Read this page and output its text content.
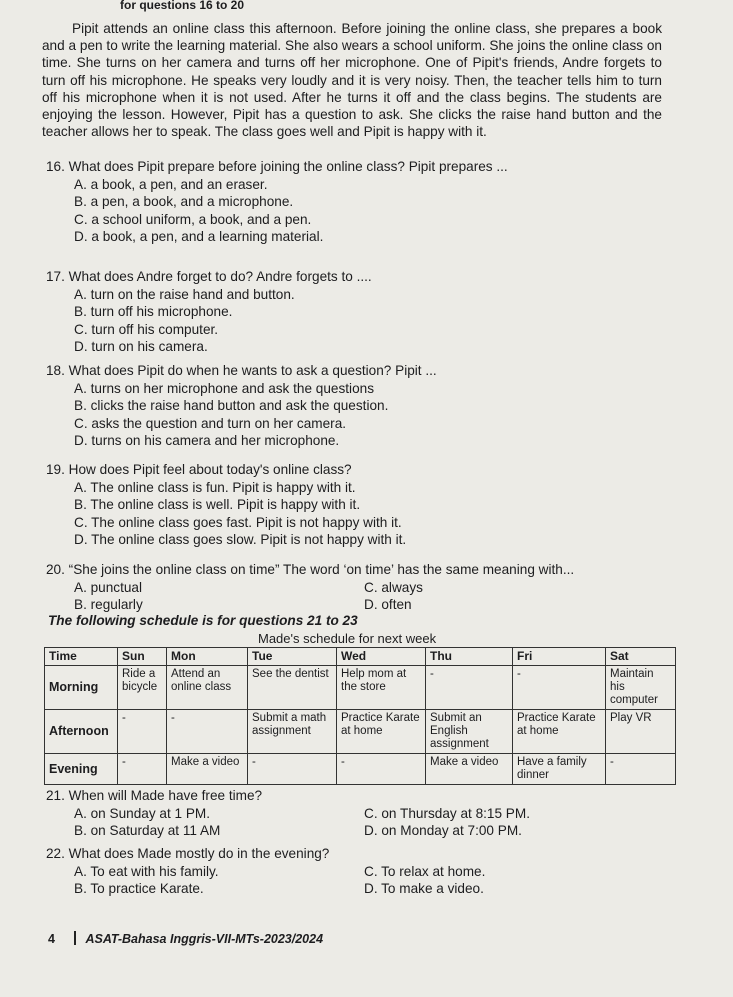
for questions 16 to 20

Pipit attends an online class this afternoon. Before joining the online class, she prepares a book and a pen to write the learning material. She also wears a school uniform. She joins the online class on time. She turns on her camera and turns off her microphone. One of Pipit's friends, Andre forgets to turn off his microphone. He speaks very loudly and it is very noisy. Then, the teacher tells him to turn off his microphone when it is not used. After he turns it off and the class begins. The students are enjoying the lesson. However, Pipit has a question to ask. She clicks the raise hand button and the teacher allows her to speak. The class goes well and Pipit is happy with it.

16. What does Pipit prepare before joining the online class? Pipit prepares ...

A. a book, a pen, and an eraser.

B. a pen, a book, and a microphone.

C. a school uniform, a book, and a pen.

D. a book, a pen, and a learning material.

17. What does Andre forget to do? Andre forgets to ....

A. turn on the raise hand and button.

B. turn off his microphone.

C. turn off his computer.

D. turn on his camera.

18. What does Pipit do when he wants to ask a question? Pipit ...

A. turns on her microphone and ask the questions

B. clicks the raise hand button and ask the question.

C. asks the question and turn on her camera.

D. turns on his camera and her microphone.

19. How does Pipit feel about today's online class?

A. The online class is fun. Pipit is happy with it.

B. The online class is well. Pipit is happy with it.

C. The online class goes fast. Pipit is not happy with it.

D. The online class goes slow. Pipit is not happy with it.

20. “She joins the online class on time” The word ‘on time’ has the same meaning with...

A. punctual	C. always
B. regularly	D. often
The following schedule is for questions 21 to 23
Made's schedule for next week
Time	Sun	Mon	Tue	Wed	Thu	Fri	Sat
Morning	Ride a bicycle	Attend an online class	See the dentist	Help mom at the store	-	-	Maintain his computer
Afternoon	-	-	Submit a math assignment	Practice Karate at home	Submit an English assignment	Practice Karate at home	Play VR
Evening	-	Make a video	-	-	Make a video	Have a family dinner	-

21. When will Made have free time?

A. on Sunday at 1 PM.	C. on Thursday at 8:15 PM.
B. on Saturday at 11 AM	D. on Monday at 7:00 PM.

22. What does Made mostly do in the evening?

A. To eat with his family.	C. To relax at home.
B. To practice Karate.	D. To make a video.
4 ASAT-Bahasa Inggris-VII-MTs-2023/2024
